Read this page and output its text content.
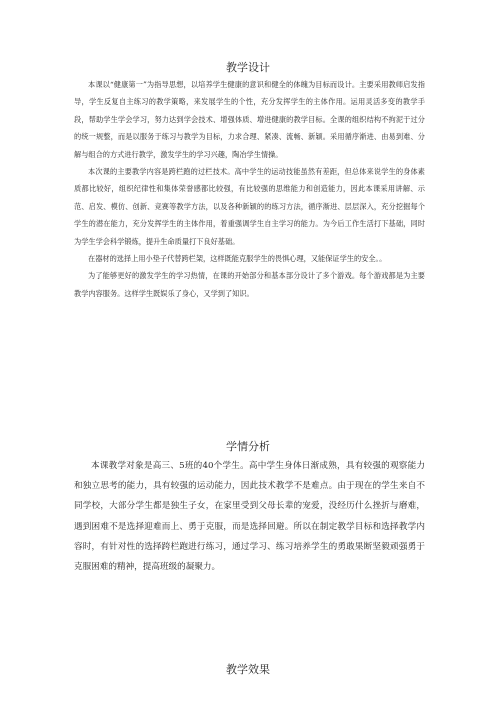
教学设计

本课以“健康第一”为指导思想，以培养学生健康的意识和健全的体魄为目标而设计。主要采用教师启发指导，学生反复自主练习的教学策略，来发展学生的个性，充分发挥学生的主体作用。运用灵活多变的教学手段，帮助学生学会学习，努力达到学会技术、增强体质、增进健康的教学目标。全课的组织结构不拘泥于过分的统一规整，而是以服务于练习与教学为目标，力求合理、紧凑、流畅、新颖。采用循序渐进、由易到难、分解与组合的方式进行教学，激发学生的学习兴趣，陶冶学生情操。

本次课的主要教学内容是跨栏跑的过栏技术。高中学生的运动技能虽然有差距，但总体来说学生的身体素质都比较好，组织纪律性和集体荣誉感都比较强，有比较强的思维能力和创造能力，因此本课采用讲解、示范、启发、模仿、创新、竞赛等教学方法，以及各种新颖的的练习方法，循序渐进、层层深入，充分挖掘每个学生的潜在能力，充分发挥学生的主体作用，着重强调学生自主学习的能力。为今后工作生活打下基础，同时为学生学会科学锻炼，提升生命质量打下良好基础。

在器材的选择上用小垫子代替跨栏架，这样既能克服学生的畏惧心理，又能保证学生的安全。。

为了能够更好的激发学生的学习热情，在课的开始部分和基本部分设计了多个游戏。每个游戏都是为主要教学内容服务。这样学生既娱乐了身心，又学到了知识。

学情分析

本课教学对象是高三、5班的40个学生。高中学生身体日渐成熟，具有较强的观察能力和独立思考的能力，具有较强的运动能力，因此技术教学不是难点。由于现在的学生来自不同学校，大部分学生都是独生子女，在家里受到父母长辈的宠爱，没经历什么挫折与磨难，遇到困难不是选择迎难而上、勇于克服，而是选择回避。所以在制定教学目标和选择教学内容时，有针对性的选择跨栏跑进行练习，通过学习、练习培养学生的勇敢果断坚毅顽强勇于克服困难的精神，提高班级的凝聚力。

教学效果
